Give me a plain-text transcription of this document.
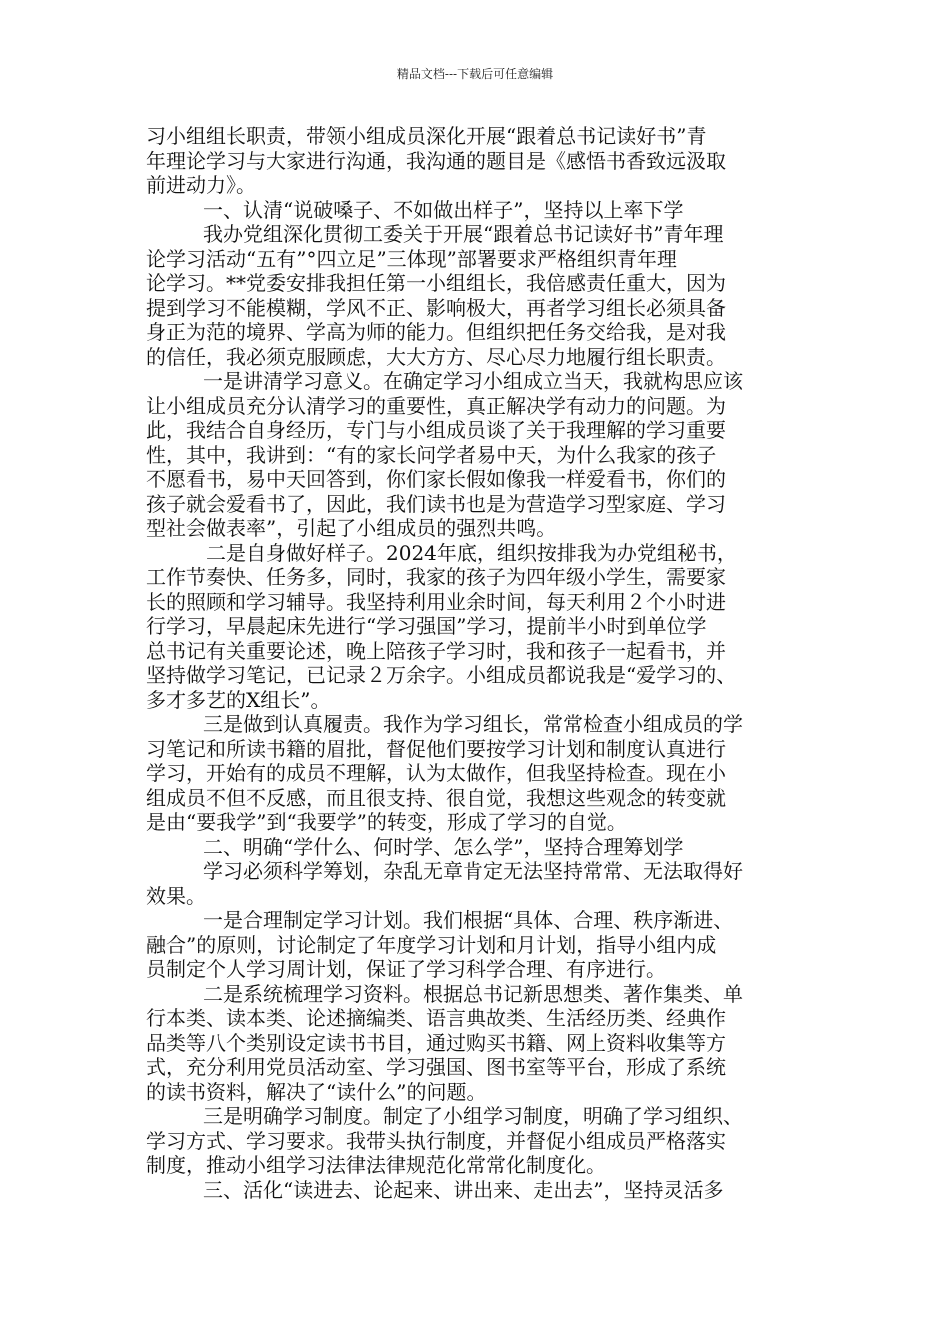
精品文档---下载后可任意编辑
习小组组长职责，带领小组成员深化开展“跟着总书记读好书”青
年理论学习与大家进行沟通，我沟通的题目是《感悟书香致远汲取
前进动力》。
一、认清“说破嗓子、不如做出样子”，坚持以上率下学
我办党组深化贯彻工委关于开展“跟着总书记读好书”青年理
论学习活动“五有”°四立足”三体现”部署要求严格组织青年理
论学习。**党委安排我担任第一小组组长，我倍感责任重大，因为
提到学习不能模糊，学风不正、影响极大，再者学习组长必须具备
身正为范的境界、学高为师的能力。但组织把任务交给我，是对我
的信任，我必须克服顾虑，大大方方、尽心尽力地履行组长职责。
一是讲清学习意义。在确定学习小组成立当天，我就构思应该
让小组成员充分认清学习的重要性，真正解决学有动力的问题。为
此，我结合自身经历，专门与小组成员谈了关于我理解的学习重要
性，其中，我讲到：“有的家长问学者易中天，为什么我家的孩子
不愿看书，易中天回答到，你们家长假如像我一样爱看书，你们的
孩子就会爱看书了，因此，我们读书也是为营造学习型家庭、学习
型社会做表率”，引起了小组成员的强烈共鸣。
二是自身做好样子。2024年底，组织按排我为办党组秘书，
工作节奏快、任务多，同时，我家的孩子为四年级小学生，需要家
长的照顾和学习辅导。我坚持利用业余时间，每天利用２个小时进
行学习，早晨起床先进行“学习强国”学习，提前半小时到单位学
总书记有关重要论述，晚上陪孩子学习时，我和孩子一起看书，并
坚持做学习笔记，已记录２万余字。小组成员都说我是“爱学习的、
多才多艺的X组长”。
三是做到认真履责。我作为学习组长，常常检查小组成员的学
习笔记和所读书籍的眉批，督促他们要按学习计划和制度认真进行
学习，开始有的成员不理解，认为太做作，但我坚持检查。现在小
组成员不但不反感，而且很支持、很自觉，我想这些观念的转变就
是由“要我学”到“我要学”的转变，形成了学习的自觉。
二、明确“学什么、何时学、怎么学”，坚持合理筹划学
学习必须科学筹划，杂乱无章肯定无法坚持常常、无法取得好
效果。
一是合理制定学习计划。我们根据“具体、合理、秩序渐进、
融合”的原则，讨论制定了年度学习计划和月计划，指导小组内成
员制定个人学习周计划，保证了学习科学合理、有序进行。
二是系统梳理学习资料。根据总书记新思想类、著作集类、单
行本类、读本类、论述摘编类、语言典故类、生活经历类、经典作
品类等八个类别设定读书书目，通过购买书籍、网上资料收集等方
式，充分利用党员活动室、学习强国、图书室等平台，形成了系统
的读书资料，解决了“读什么”的问题。
三是明确学习制度。制定了小组学习制度，明确了学习组织、
学习方式、学习要求。我带头执行制度，并督促小组成员严格落实
制度，推动小组学习法律法律规范化常常化制度化。
三、活化“读进去、论起来、讲出来、走出去”，坚持灵活多
